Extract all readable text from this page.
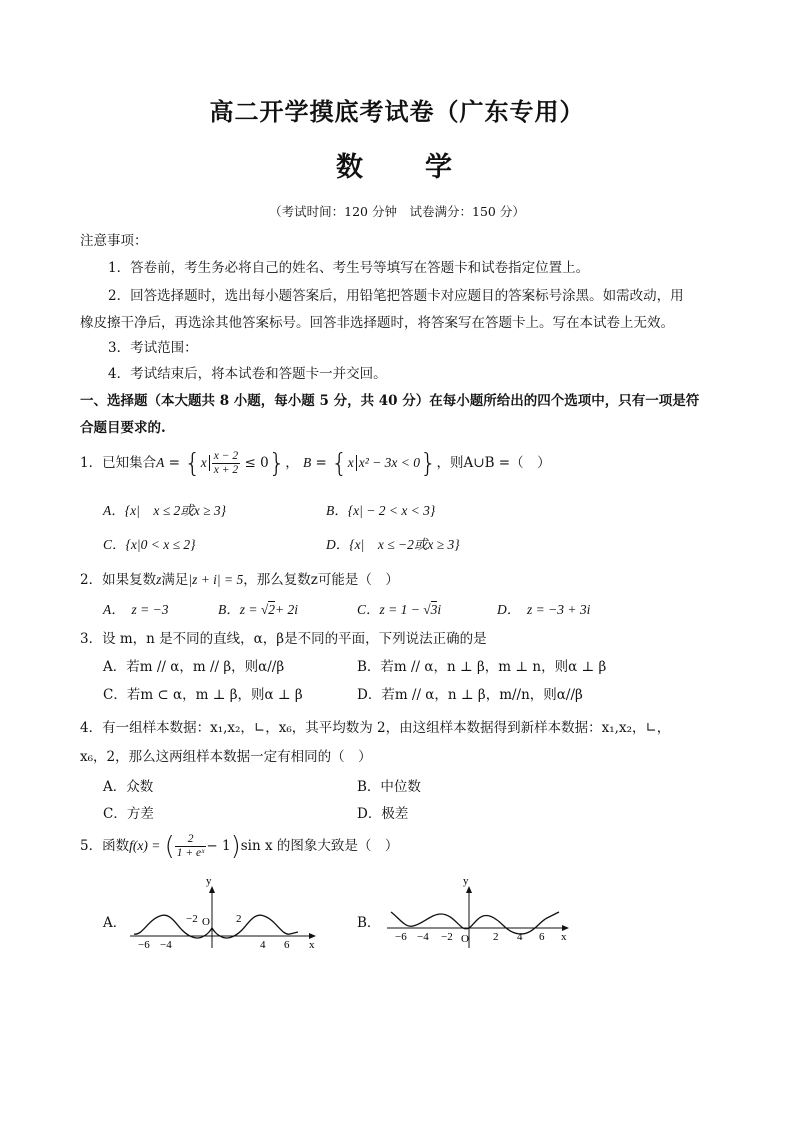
高二开学摸底考试卷（广东专用）
数 学
（考试时间：120 分钟　试卷满分：150 分）
注意事项：
1．答卷前，考生务必将自己的姓名、考生号等填写在答题卡和试卷指定位置上。
2．回答选择题时，选出每小题答案后，用铅笔把答题卡对应题目的答案标号涂黑。如需改动，用
橡皮擦干净后，再选涂其他答案标号。回答非选择题时，将答案写在答题卡上。写在本试卷上无效。
3．考试范围：
4．考试结束后，将本试卷和答题卡一并交回。
一、选择题（本大题共 8 小题，每小题 5 分，共 40 分）在每小题所给出的四个选项中，只有一项是符
合题目要求的.
1．已知集合$A = \{x \frac{x - 2}{x + 2} \le 0\}$， B = {x x² − 3x < 0}，则A∪B =（　）
A．{x|　x ≤ 2或x ≥ 3}	B．{x| − 2 < x < 3}
C．{x|0 < x ≤ 2}	D．{x|　x ≤ −2或x ≥ 3}
2．如果复数z满足|z + i| = 5，那么复数z可能是（　）
A．　z = −3	B．z = √2+ 2i	C．z = 1 − √3i	D．　z = −3 + 3i
3．设 m，n 是不同的直线，α，β是不同的平面，下列说法正确的是
A．若m // α，m // β，则α//β	B．若m // α，n ⊥ β，m ⊥ n，则α ⊥ β
C．若m ⊂ α，m ⊥ β，则α ⊥ β	D．若m // α，n ⊥ β，m//n，则α//β
4．有一组样本数据：x₁,x₂，∟，x₆，其平均数为 2，由这组样本数据得到新样本数据：x₁,x₂，∟，
x₆，2，那么这两组样本数据一定有相同的（　）
A．众数	B．中位数
C．方差	D．极差
5．函数f(x) = ( $\frac{2}{\text{1 + eˣ}} - 1)\sin$ x 的图象大致是（　）
A．	B．
y
x
O
−2	2
−6 −4	4 6
y
x
O
−2
−4
−6	2 4 6
